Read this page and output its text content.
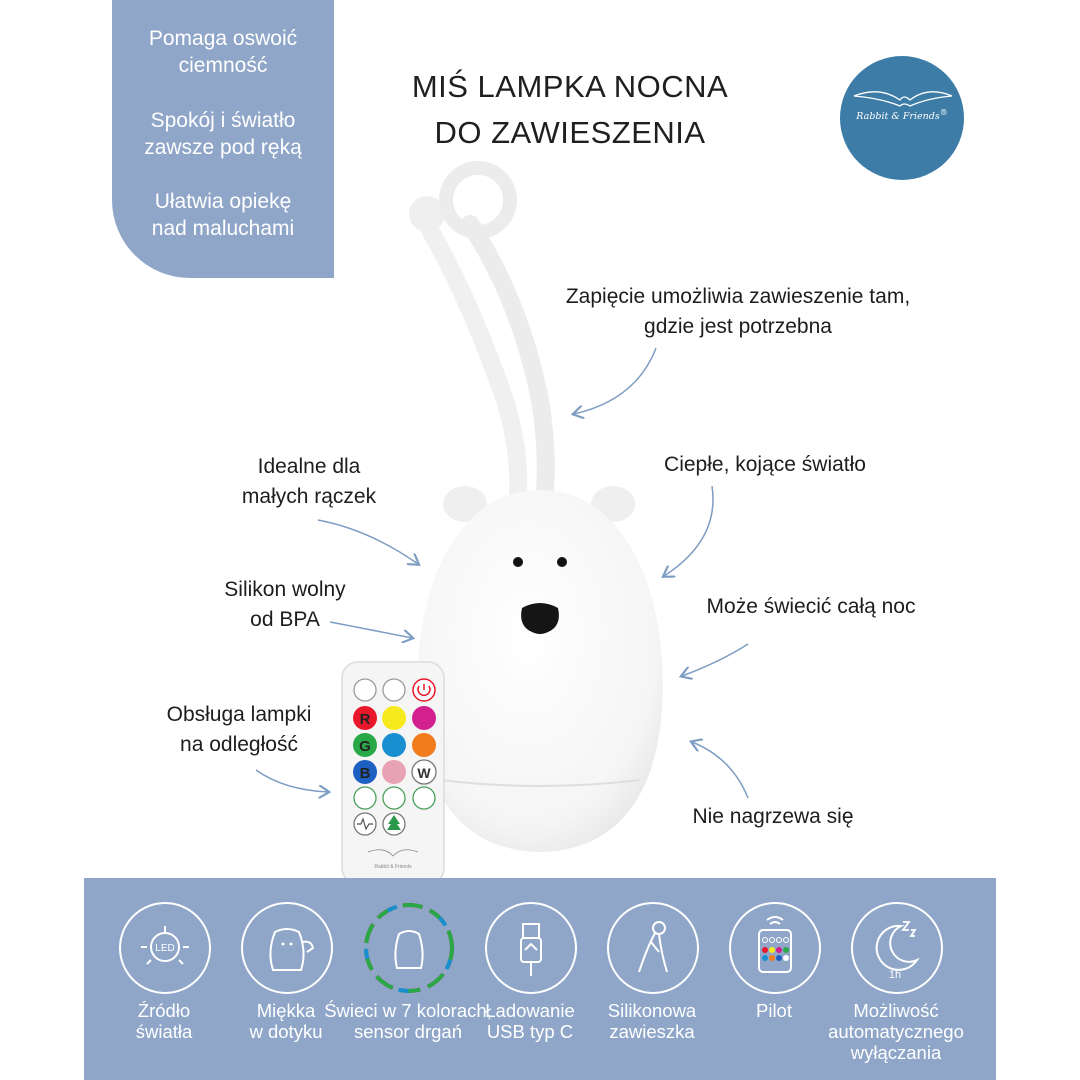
Pomaga oswoić
ciemność
Spokój i światło
zawsze pod ręką
Ułatwia opiekę
nad maluchami
MIŚ LAMPKA NOCNA
DO ZAWIESZENIA	Rabbit & Friends®
Zapięcie umożliwia zawieszenie tam,
gdzie jest potrzebna
Idealne dla
małych rączek
Ciepłe, kojące światło
Silikon wolny
od BPA
Może świecić całą noc
Obsługa lampki
na odległość
Nie nagrzewa się
R
G
B	W
Rabbit & Friends
LED
Źródło
światła
Miękka
w dotyku
Świeci w 7 kolorach,
sensor drgań
Ładowanie
USB typ C
Silikonowa
zawieszka
Pilot
1h
Możliwość
automatycznego
wyłączania
